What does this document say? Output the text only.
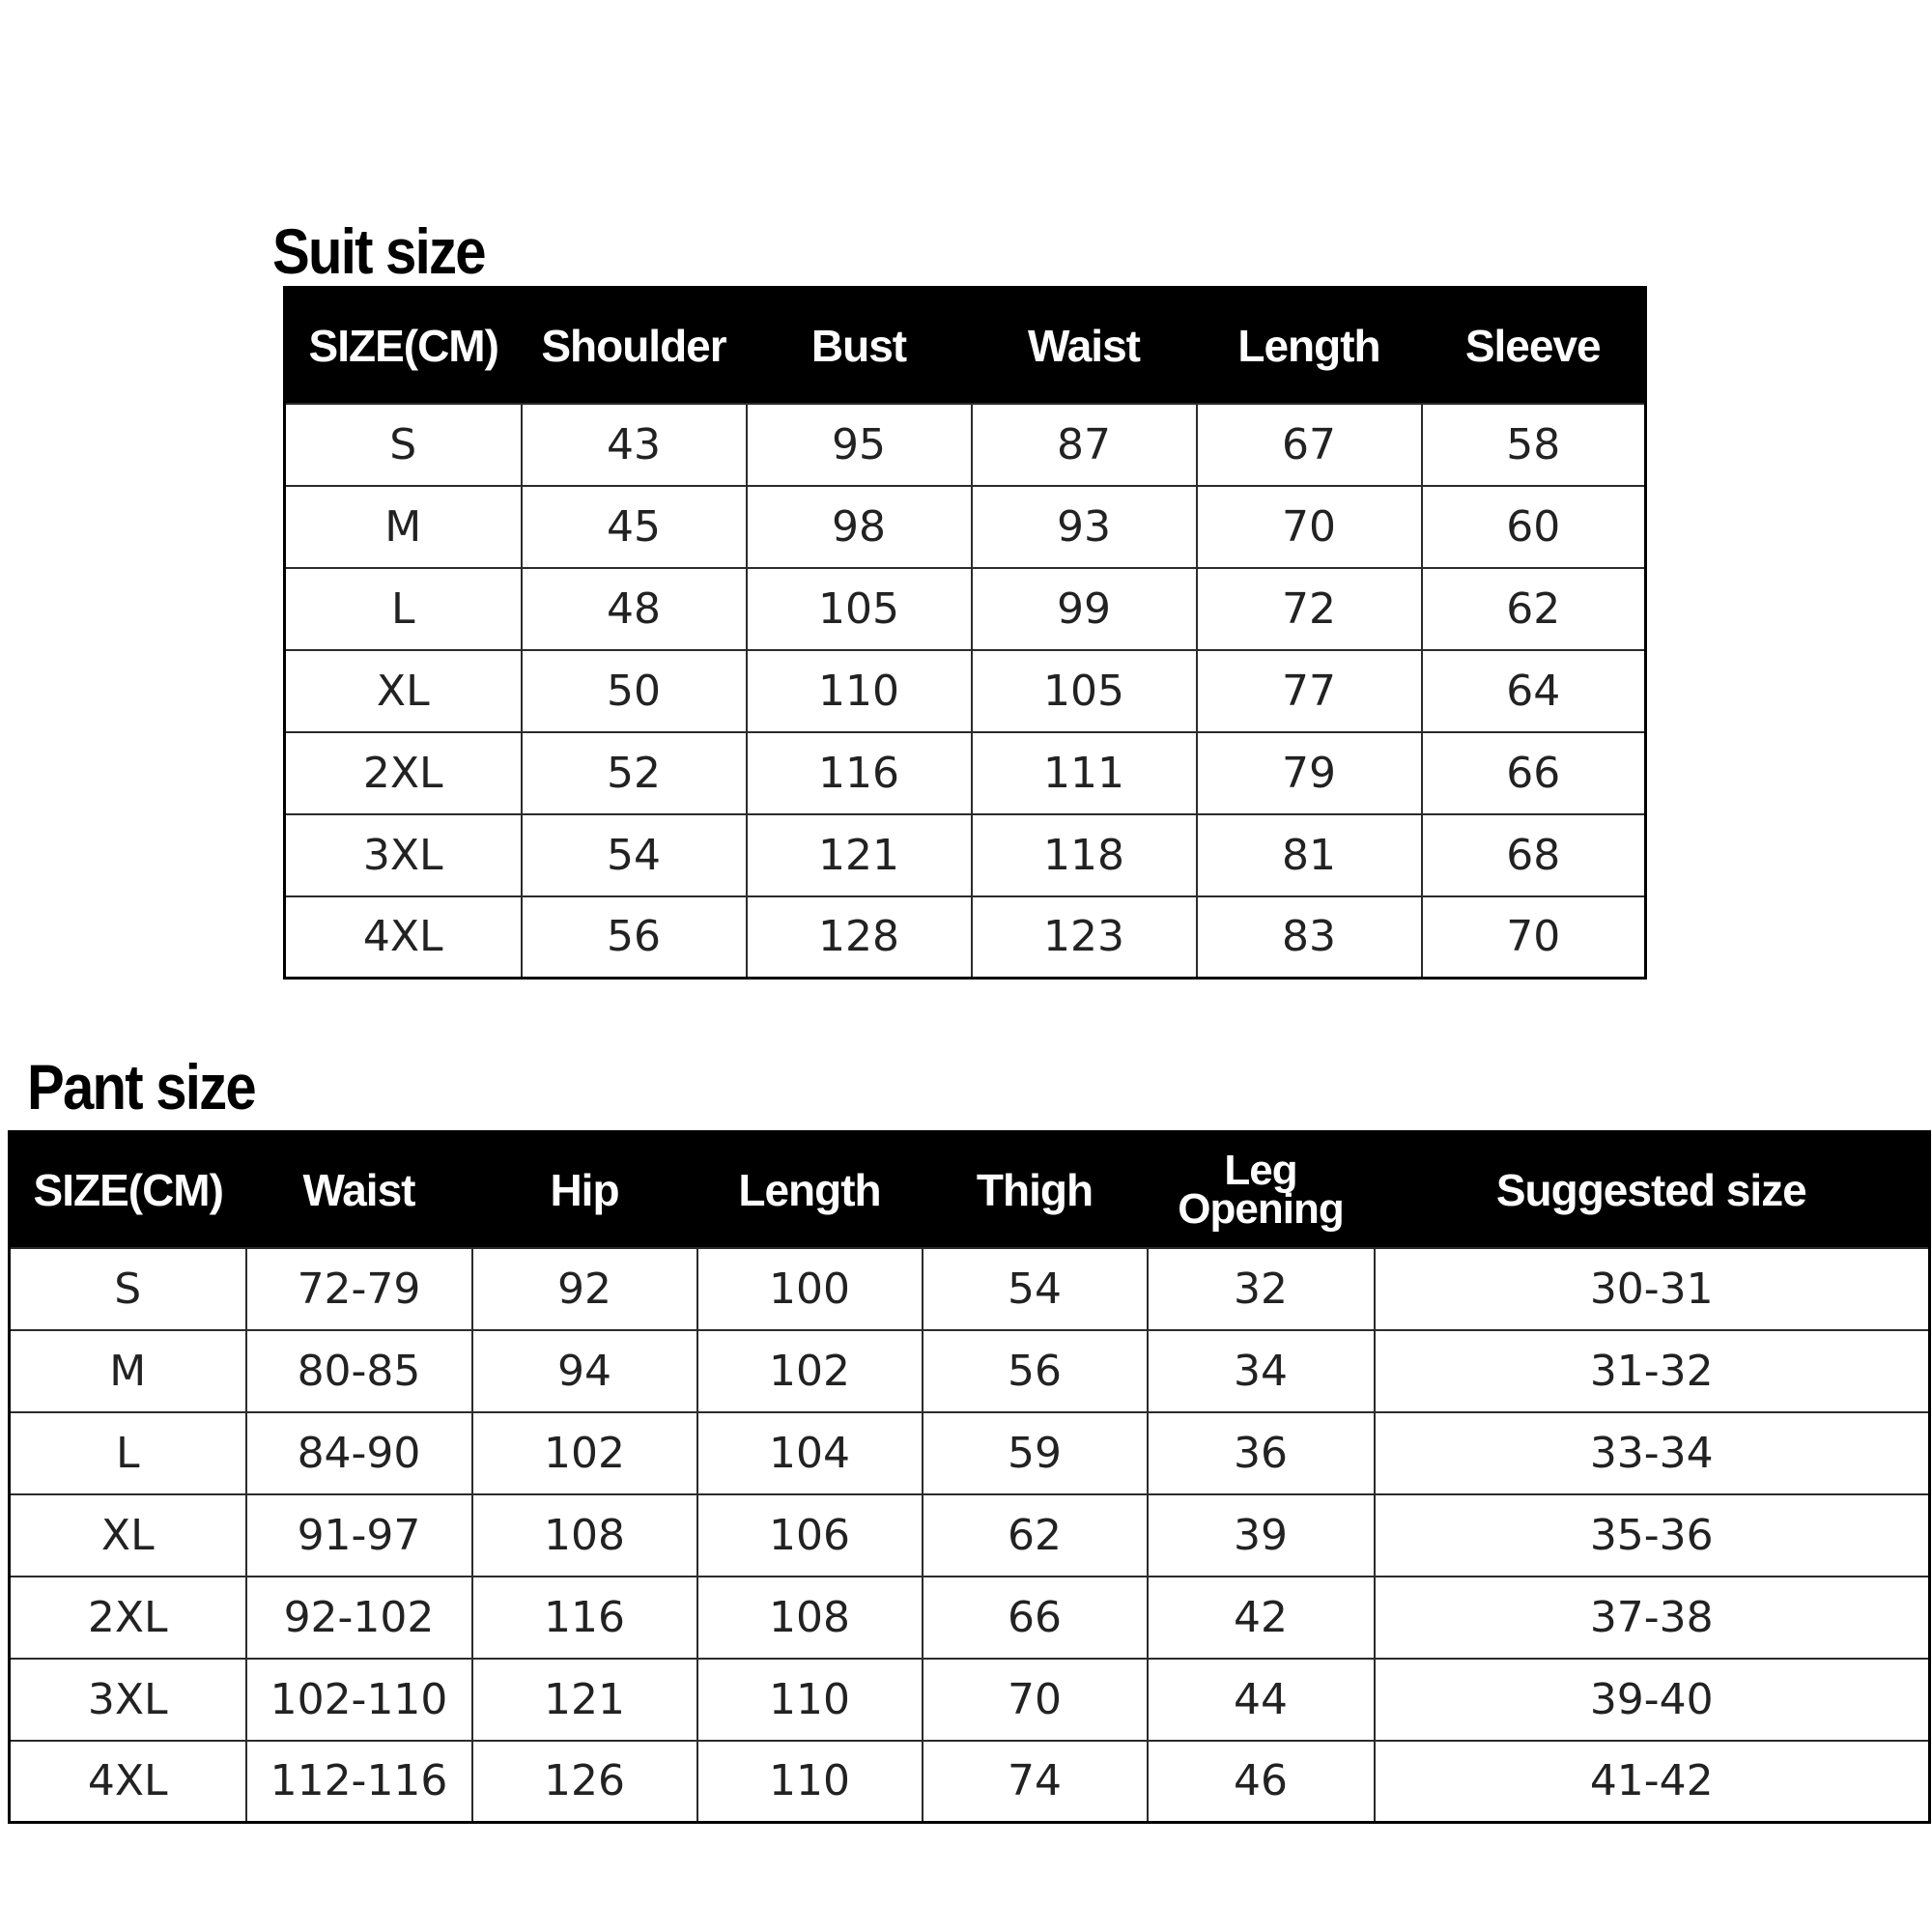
Suit size
SIZE(CM)	Shoulder	Bust	Waist	Length	Sleeve
S	43	95	87	67	58
M	45	98	93	70	60
L	48	105	99	72	62
XL	50	110	105	77	64
2XL	52	116	111	79	66
3XL	54	121	118	81	68
4XL	56	128	123	83	70
Pant size
SIZE(CM)	Waist	Hip	Length	Thigh	Leg Opening	Suggested size
S	72-79	92	100	54	32	30-31
M	80-85	94	102	56	34	31-32
L	84-90	102	104	59	36	33-34
XL	91-97	108	106	62	39	35-36
2XL	92-102	116	108	66	42	37-38
3XL	102-110	121	110	70	44	39-40
4XL	112-116	126	110	74	46	41-42
